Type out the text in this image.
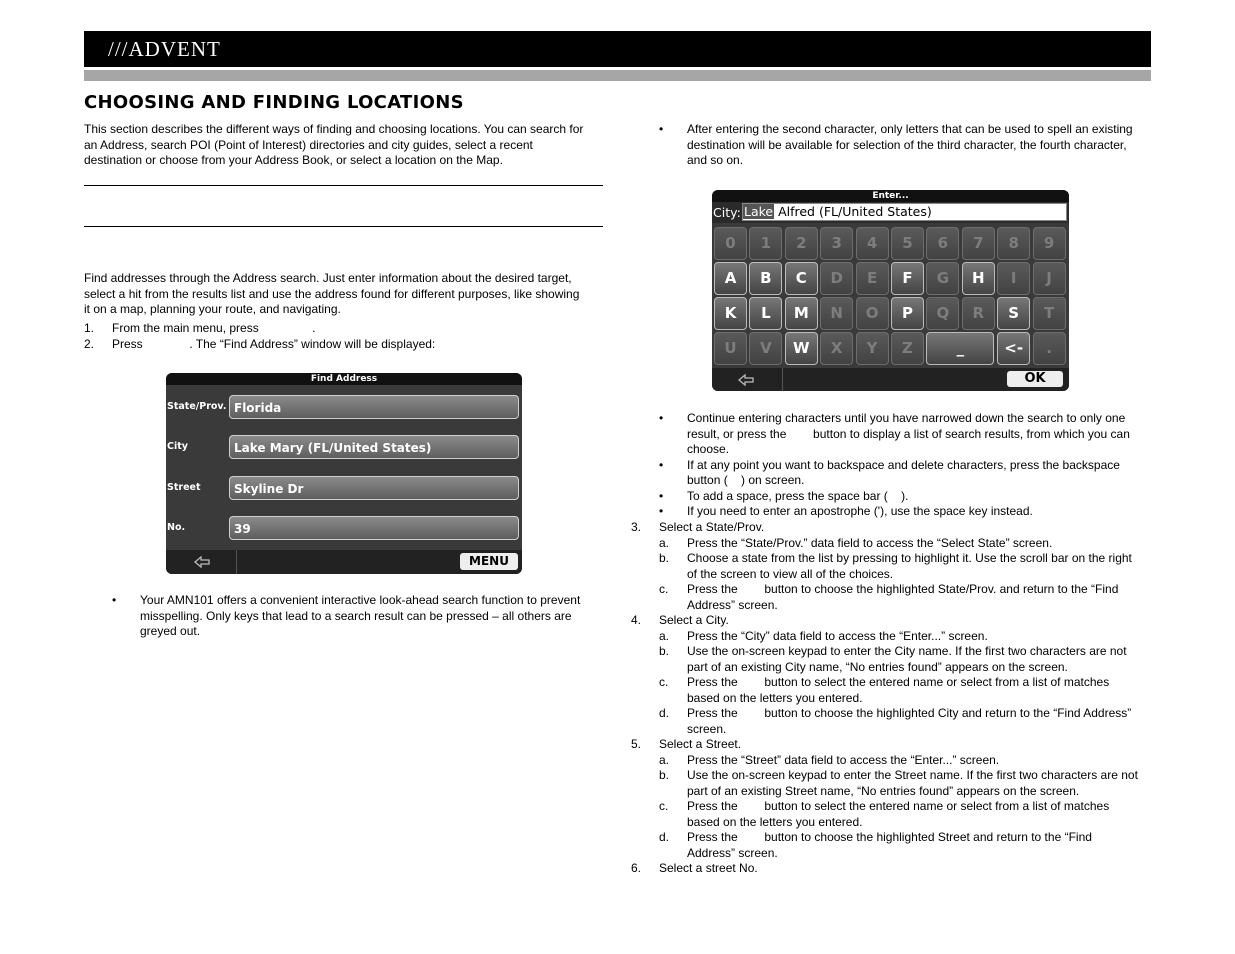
///ADVENT
CHOOSING AND FINDING LOCATIONS
This section describes the different ways of finding and choosing locations. You can search for
an Address, search POI (Point of Interest) directories and city guides, select a recent
destination or choose from your Address Book, or select a location on the Map.
Find addresses through the Address search. Just enter information about the desired target,
select a hit from the results list and use the address found for different purposes, like showing
it on a map, planning your route, and navigating.
1. From the main menu, press                .
2. Press              . The “Find Address” window will be displayed:
Find Address
State/Prov. Florida
City	Lake Mary (FL/United States)
Street	Skyline Dr
No.	39
MENU
• Your AMN101 offers a convenient interactive look-ahead search function to prevent
misspelling. Only keys that lead to a search result can be pressed – all others are
greyed out.
• After entering the second character, only letters that can be used to spell an existing
destination will be available for selection of the third character, the fourth character,
and so on.
Enter...
City: Lake Alfred (FL/United States)
0	1	2	3	4	5	6	7	8	9
A	B	C	D	E	F	G	H	I	J
K	L	M	N	O	P	Q	R	S	T
U	V	W	X	Y	Z	_	<-	.
OK
• Continue entering characters until you have narrowed down the search to only one
result, or press the        button to display a list of search results, from which you can
choose.
• If at any point you want to backspace and delete characters, press the backspace
button (    ) on screen.
• To add a space, press the space bar (    ).
• If you need to enter an apostrophe ('), use the space key instead.
3. Select a State/Prov.
a. Press the “State/Prov.” data field to access the “Select State” screen.
b. Choose a state from the list by pressing to highlight it. Use the scroll bar on the right
of the screen to view all of the choices.
c. Press the        button to choose the highlighted State/Prov. and return to the “Find
Address” screen.
4. Select a City.
a. Press the “City” data field to access the “Enter...” screen.
b. Use the on-screen keypad to enter the City name. If the first two characters are not
part of an existing City name, “No entries found” appears on the screen.
c. Press the        button to select the entered name or select from a list of matches
based on the letters you entered.
d. Press the        button to choose the highlighted City and return to the “Find Address”
screen.
5. Select a Street.
a. Press the “Street” data field to access the “Enter...” screen.
b. Use the on-screen keypad to enter the Street name. If the first two characters are not
part of an existing Street name, “No entries found” appears on the screen.
c. Press the        button to select the entered name or select from a list of matches
based on the letters you entered.
d. Press the        button to choose the highlighted Street and return to the “Find
Address” screen.
6. Select a street No.
